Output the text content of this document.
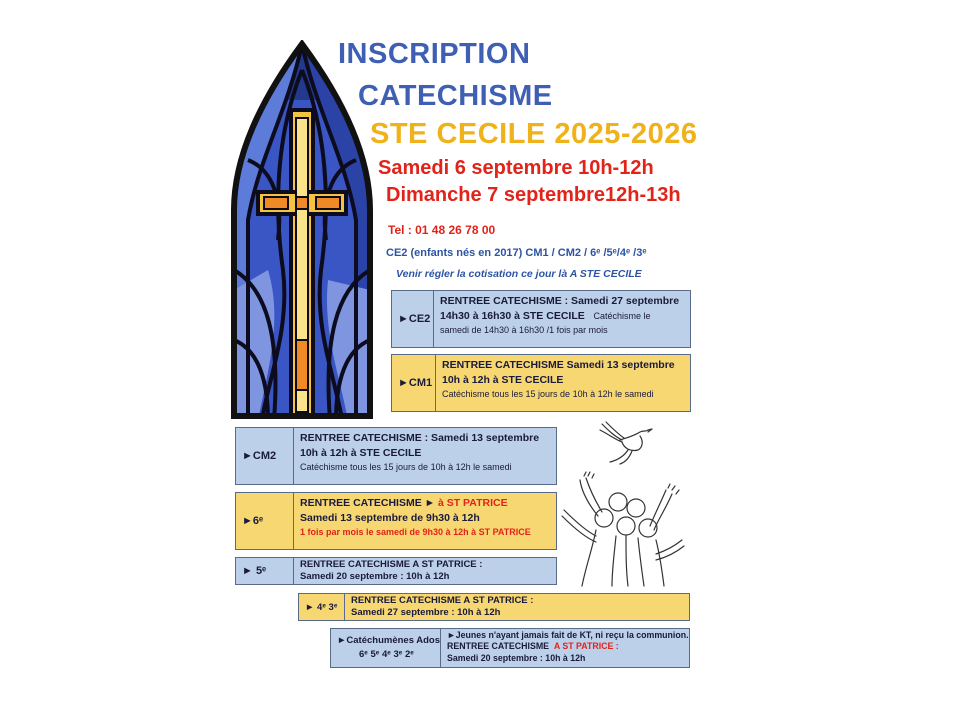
INSCRIPTION
CATECHISME
STE CECILE 2025-2026
Samedi 6 septembre 10h-12h
Dimanche 7 septembre12h-13h
Tel : 01 48 26 78 00
CE2 (enfants nés en 2017) CM1 / CM2 / 6ᵉ /5ᵉ/4ᵉ /3ᵉ
Venir régler la cotisation ce jour là A STE CECILE
►CE2
RENTREE CATECHISME : Samedi 27 septembre
14h30 à 16h30 à STE CECILE Catéchisme le
samedi de 14h30 à 16h30 /1 fois par mois
►CM1
RENTREE CATECHISME Samedi 13 septembre
10h à 12h à STE CECILE
Catéchisme tous les 15 jours de 10h à 12h le samedi
►CM2
RENTREE CATECHISME : Samedi 13 septembre
10h à 12h à STE CECILE
Catéchisme tous les 15 jours de 10h à 12h le samedi
►6ᵉ
RENTREE CATECHISME ► à ST PATRICE
Samedi 13 septembre de 9h30 à 12h
1 fois par mois le samedi de 9h30 à 12h à ST PATRICE
► 5ᵉ
RENTREE CATECHISME A ST PATRICE :
Samedi 20 septembre : 10h à 12h
► 4ᵉ 3ᵉ
RENTREE CATECHISME A ST PATRICE :
Samedi 27 septembre : 10h à 12h
►Catéchumènes Ados
6ᵉ 5ᵉ 4ᵉ 3ᵉ 2ᵉ
►Jeunes n'ayant jamais fait de KT, ni reçu la communion.
RENTREE CATECHISME A ST PATRICE :
Samedi 20 septembre : 10h à 12h
